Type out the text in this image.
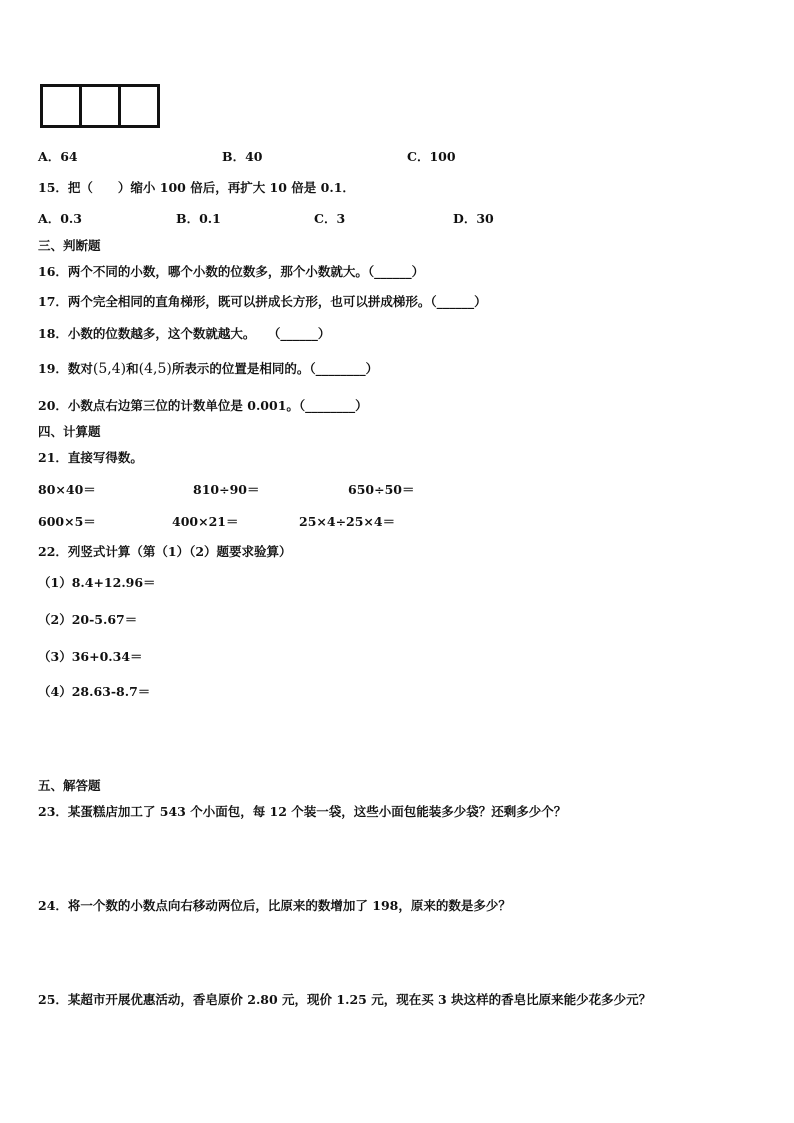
A．64	B．40	C．100
15．把（　　）缩小 100 倍后，再扩大 10 倍是 0.1．
A．0.3	B．0.1	C．3	D．30
三、判断题
16．两个不同的小数，哪个小数的位数多，那个小数就大。（______）
17．两个完全相同的直角梯形，既可以拼成长方形，也可以拼成梯形。（______）
18．小数的位数越多，这个数就越大。　　（______）
19．数对(5,4)和(4,5)所表示的位置是相同的。（________）
20．小数点右边第三位的计数单位是 0.001。（________）
四、计算题
21．直接写得数。
80×40＝	810÷90＝	650÷50＝
600×5＝	400×21＝	25×4÷25×4＝
22．列竖式计算（第（1）（2）题要求验算）
（1）8.4+12.96＝
（2）20-5.67＝
（3）36+0.34＝
（4）28.63-8.7＝
五、解答题
23．某蛋糕店加工了 543 个小面包，每 12 个装一袋，这些小面包能装多少袋？还剩多少个？
24．将一个数的小数点向右移动两位后，比原来的数增加了 198，原来的数是多少？
25．某超市开展优惠活动，香皂原价 2.80 元，现价 1.25 元，现在买 3 块这样的香皂比原来能少花多少元？
